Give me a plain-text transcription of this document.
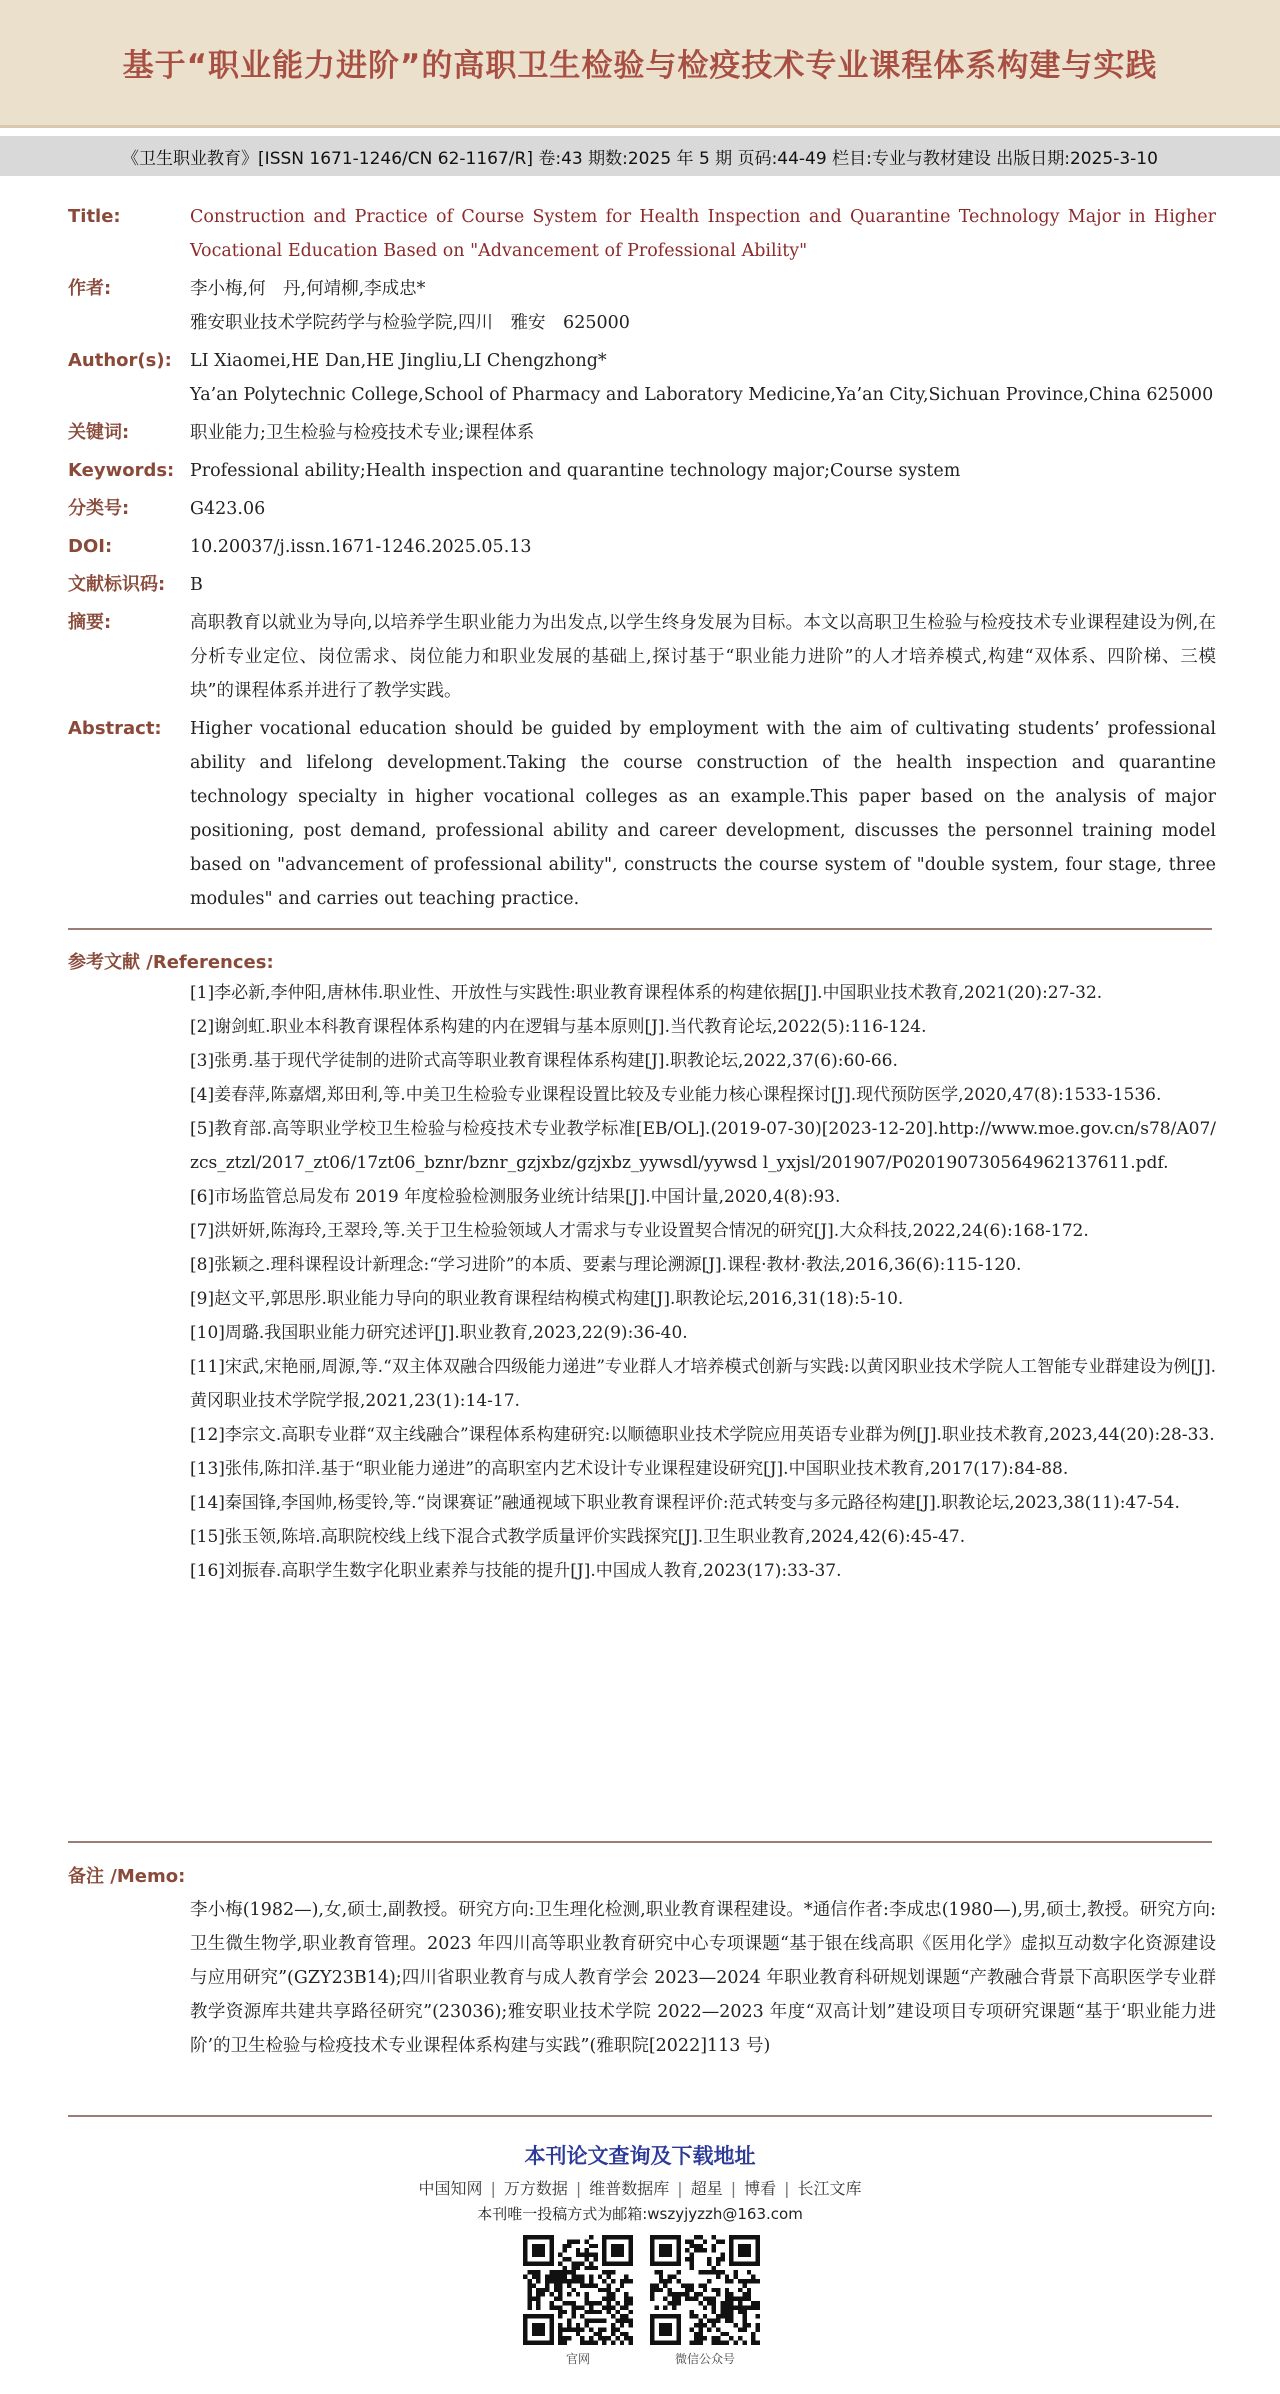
基于“职业能力进阶”的高职卫生检验与检疫技术专业课程体系构建与实践
《卫生职业教育》[ISSN 1671-1246/CN 62-1167/R] 卷:43 期数:2025 年 5 期 页码:44-49 栏目:专业与教材建设 出版日期:2025-3-10
Title:	Construction and Practice of Course System for Health Inspection and Quarantine Technology Major in Higher Vocational Education Based on "Advancement of Professional Ability"
作者:	李小梅,何　丹,何靖柳,李成忠*
雅安职业技术学院药学与检验学院,四川　雅安　625000
Author(s):	LI Xiaomei,HE Dan,HE Jingliu,LI Chengzhong*
Ya’an Polytechnic College,School of Pharmacy and Laboratory Medicine,Ya’an City,Sichuan Province,China 625000
关键词:	职业能力;卫生检验与检疫技术专业;课程体系
Keywords: Professional ability;Health inspection and quarantine technology major;Course system
分类号:	G423.06
DOI:	10.20037/j.issn.1671-1246.2025.05.13
文献标识码:	B
摘要:	高职教育以就业为导向,以培养学生职业能力为出发点,以学生终身发展为目标。本文以高职卫生检验与检疫技术专业课程建设为例,在分析专业定位、岗位需求、岗位能力和职业发展的基础上,探讨基于“职业能力进阶”的人才培养模式,构建“双体系、四阶梯、三模块”的课程体系并进行了教学实践。
Abstract:	Higher vocational education should be guided by employment with the aim of cultivating students’ professional ability and lifelong development.Taking the course construction of the health inspection and quarantine technology specialty in higher vocational colleges as an example.This paper based on the analysis of major positioning, post demand, professional ability and career development, discusses the personnel training model based on "advancement of professional ability", constructs the course system of "double system, four stage, three modules" and carries out teaching practice.
参考文献 /References:
[1]李必新,李仲阳,唐林伟.职业性、开放性与实践性:职业教育课程体系的构建依据[J].中国职业技术教育,2021(20):27-32.
[2]谢剑虹.职业本科教育课程体系构建的内在逻辑与基本原则[J].当代教育论坛,2022(5):116-124.
[3]张勇.基于现代学徒制的进阶式高等职业教育课程体系构建[J].职教论坛,2022,37(6):60-66.
[4]姜春萍,陈嘉熠,郑田利,等.中美卫生检验专业课程设置比较及专业能力核心课程探讨[J].现代预防医学,2020,47(8):1533-1536.
[5]教育部.高等职业学校卫生检验与检疫技术专业教学标准[EB/OL].(2019-07-30)[2023-12-20].http://www.moe.gov.cn/s78/A07/zcs_ztzl/2017_zt06/17zt06_bznr/bznr_gzjxbz/gzjxbz_yywsdl/yywsd l_yxjsl/201907/P020190730564962137611.pdf.
[6]市场监管总局发布 2019 年度检验检测服务业统计结果[J].中国计量,2020,4(8):93.
[7]洪妍妍,陈海玲,王翠玲,等.关于卫生检验领域人才需求与专业设置契合情况的研究[J].大众科技,2022,24(6):168-172.
[8]张颖之.理科课程设计新理念:“学习进阶”的本质、要素与理论溯源[J].课程·教材·教法,2016,36(6):115-120.
[9]赵文平,郭思彤.职业能力导向的职业教育课程结构模式构建[J].职教论坛,2016,31(18):5-10.
[10]周璐.我国职业能力研究述评[J].职业教育,2023,22(9):36-40.
[11]宋武,宋艳丽,周源,等.“双主体双融合四级能力递进”专业群人才培养模式创新与实践:以黄冈职业技术学院人工智能专业群建设为例[J].黄冈职业技术学院学报,2021,23(1):14-17.
[12]李宗文.高职专业群“双主线融合”课程体系构建研究:以顺德职业技术学院应用英语专业群为例[J].职业技术教育,2023,44(20):28-33.
[13]张伟,陈扣洋.基于“职业能力递进”的高职室内艺术设计专业课程建设研究[J].中国职业技术教育,2017(17):84-88.
[14]秦国锋,李国帅,杨雯铃,等.“岗课赛证”融通视域下职业教育课程评价:范式转变与多元路径构建[J].职教论坛,2023,38(11):47-54.
[15]张玉领,陈培.高职院校线上线下混合式教学质量评价实践探究[J].卫生职业教育,2024,42(6):45-47.
[16]刘振春.高职学生数字化职业素养与技能的提升[J].中国成人教育,2023(17):33-37.
备注 /Memo:

李小梅(1982—),女,硕士,副教授。研究方向:卫生理化检测,职业教育课程建设。*通信作者:李成忠(1980—),男,硕士,教授。研究方向:卫生微生物学,职业教育管理。2023 年四川高等职业教育研究中心专项课题“基于银在线高职《医用化学》虚拟互动数字化资源建设与应用研究”(GZY23B14);四川省职业教育与成人教育学会 2023—2024 年职业教育科研规划课题“产教融合背景下高职医学专业群教学资源库共建共享路径研究”(23036);雅安职业技术学院 2022—2023 年度“双高计划”建设项目专项研究课题“基于‘职业能力进阶’的卫生检验与检疫技术专业课程体系构建与实践”(雅职院[2022]113 号)

本刊论文查询及下载地址
中国知网 | 万方数据 | 维普数据库 | 超星 | 博看 | 长江文库
本刊唯一投稿方式为邮箱:wszyjyzzh@163.com
官网	微信公众号
